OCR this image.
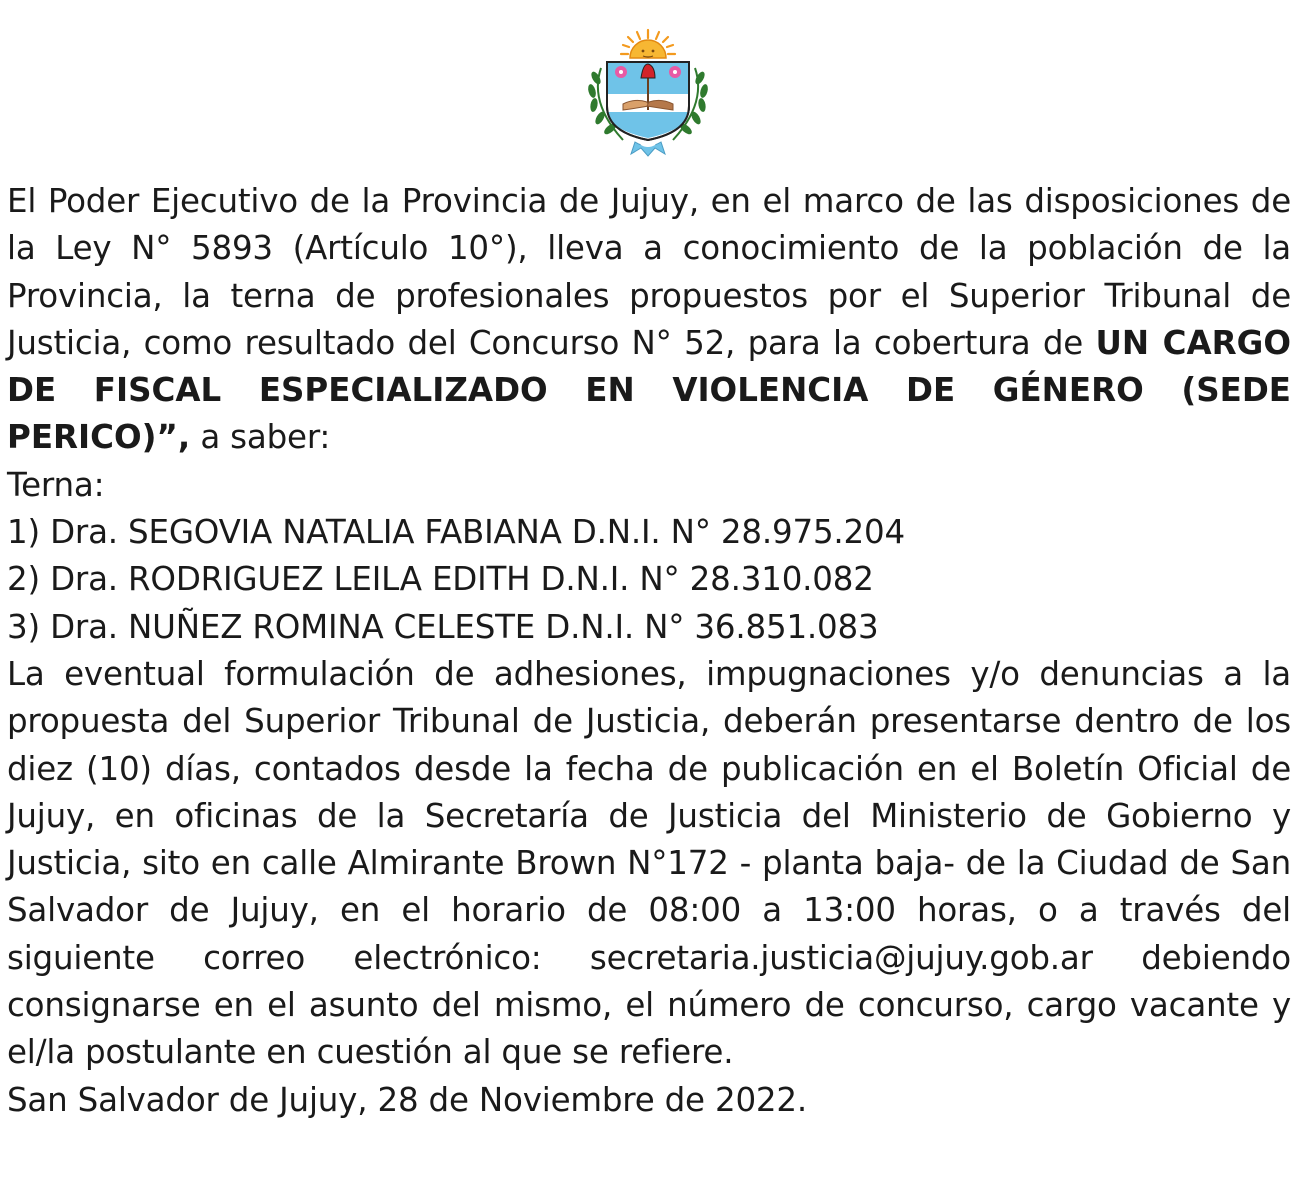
El Poder Ejecutivo de la Provincia de Jujuy, en el marco de las disposiciones de la Ley N° 5893 (Artículo 10°), lleva a conocimiento de la población de la Provincia, la terna de profesionales propuestos por el Superior Tribunal de Justicia, como resultado del Concurso N° 52, para la cobertura de UN CARGO DE FISCAL ESPECIALIZADO EN VIOLENCIA DE GÉNERO (SEDE PERICO)”, a saber:

Terna:

1) Dra. SEGOVIA NATALIA FABIANA D.N.I. N° 28.975.204

2) Dra. RODRIGUEZ LEILA EDITH D.N.I. N° 28.310.082

3) Dra. NUÑEZ ROMINA CELESTE D.N.I. N° 36.851.083

La eventual formulación de adhesiones, impugnaciones y/o denuncias a la propuesta del Superior Tribunal de Justicia, deberán presentarse dentro de los diez (10) días, contados desde la fecha de publicación en el Boletín Oficial de Jujuy, en oficinas de la Secretaría de Justicia del Ministerio de Gobierno y Justicia, sito en calle Almirante Brown N°172 - planta baja- de la Ciudad de San Salvador de Jujuy, en el horario de 08:00 a 13:00 horas, o a través del siguiente correo electrónico: secretaria.justicia@jujuy.gob.ar debiendo consignarse en el asunto del mismo, el número de concurso, cargo vacante y el/la postulante en cuestión al que se refiere.

San Salvador de Jujuy, 28 de Noviembre de 2022.
